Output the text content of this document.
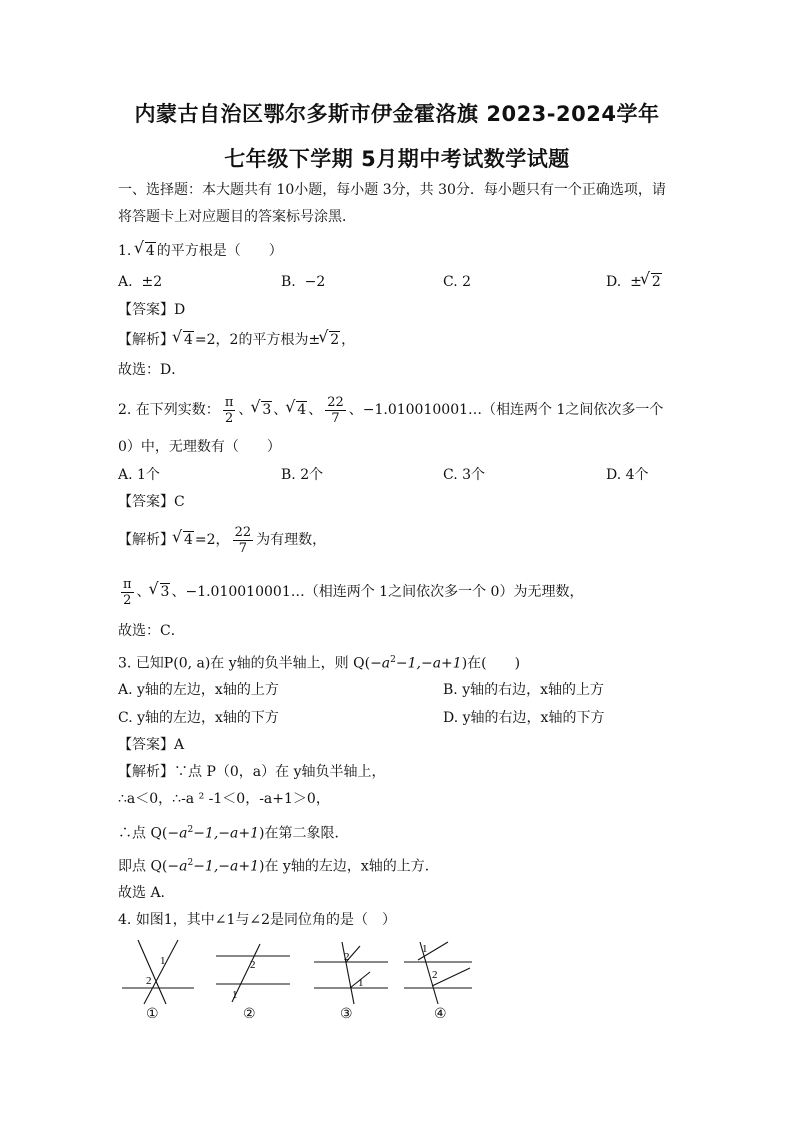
内蒙古自治区鄂尔多斯市伊金霍洛旗 2023-2024学年
七年级下学期 5月期中考试数学试题
一、选择题：本大题共有 10小题，每小题 3分，共 30分．每小题只有一个正确选项，请
将答题卡上对应题目的答案标号涂黑．
1. √ 4 的平方根是（　　）
A. ±2	B. −2	C. 2	D. ± √ 2
【答案】D
【解析】 √ 4 =2，2的平方根为± √ 2 ，
故选：D．
2.
在下列实数： $\frac{\pi}{2}$ 、 √ 3 、 √ 4 、 $\frac{22}{7}$ 、 −1.010010001… （相连两个 1之间依次多一个
0）中，无理数有（　　）
A. 1个	B. 2个	C. 3个	D. 4个
【答案】C
【解析】 √ 4 =2， $\frac{22}{7}$ 为有理数，
$\frac{\pi}{2}$ 、 √ 3 、 −1.010010001… （相连两个 1之间依次多一个 0）为无理数，
故选：C．
3. 已知P(0, a)在 y轴的负半轴上，则 $Q(-a^2-1,-a+1)$在(　　)
A. y轴的左边，x轴的上方	B. y轴的右边，x轴的上方
C. y轴的左边，x轴的下方	D. y轴的右边，x轴的下方
【答案】A
【解析】∵点 P（0，a）在 y轴负半轴上，
∴a＜0，∴-a ² -1＜0，-a+1＞0，
∴点 $Q(-a^2-1,-a+1)$在第二象限．
即点 $Q(-a^2-1,-a+1)$在 y轴的左边，x轴的上方．
故选 A.
4. 如图1，其中∠1与∠2是同位角的是（　）
1
2
①
2
1
②
2
1
③
1
2
④
